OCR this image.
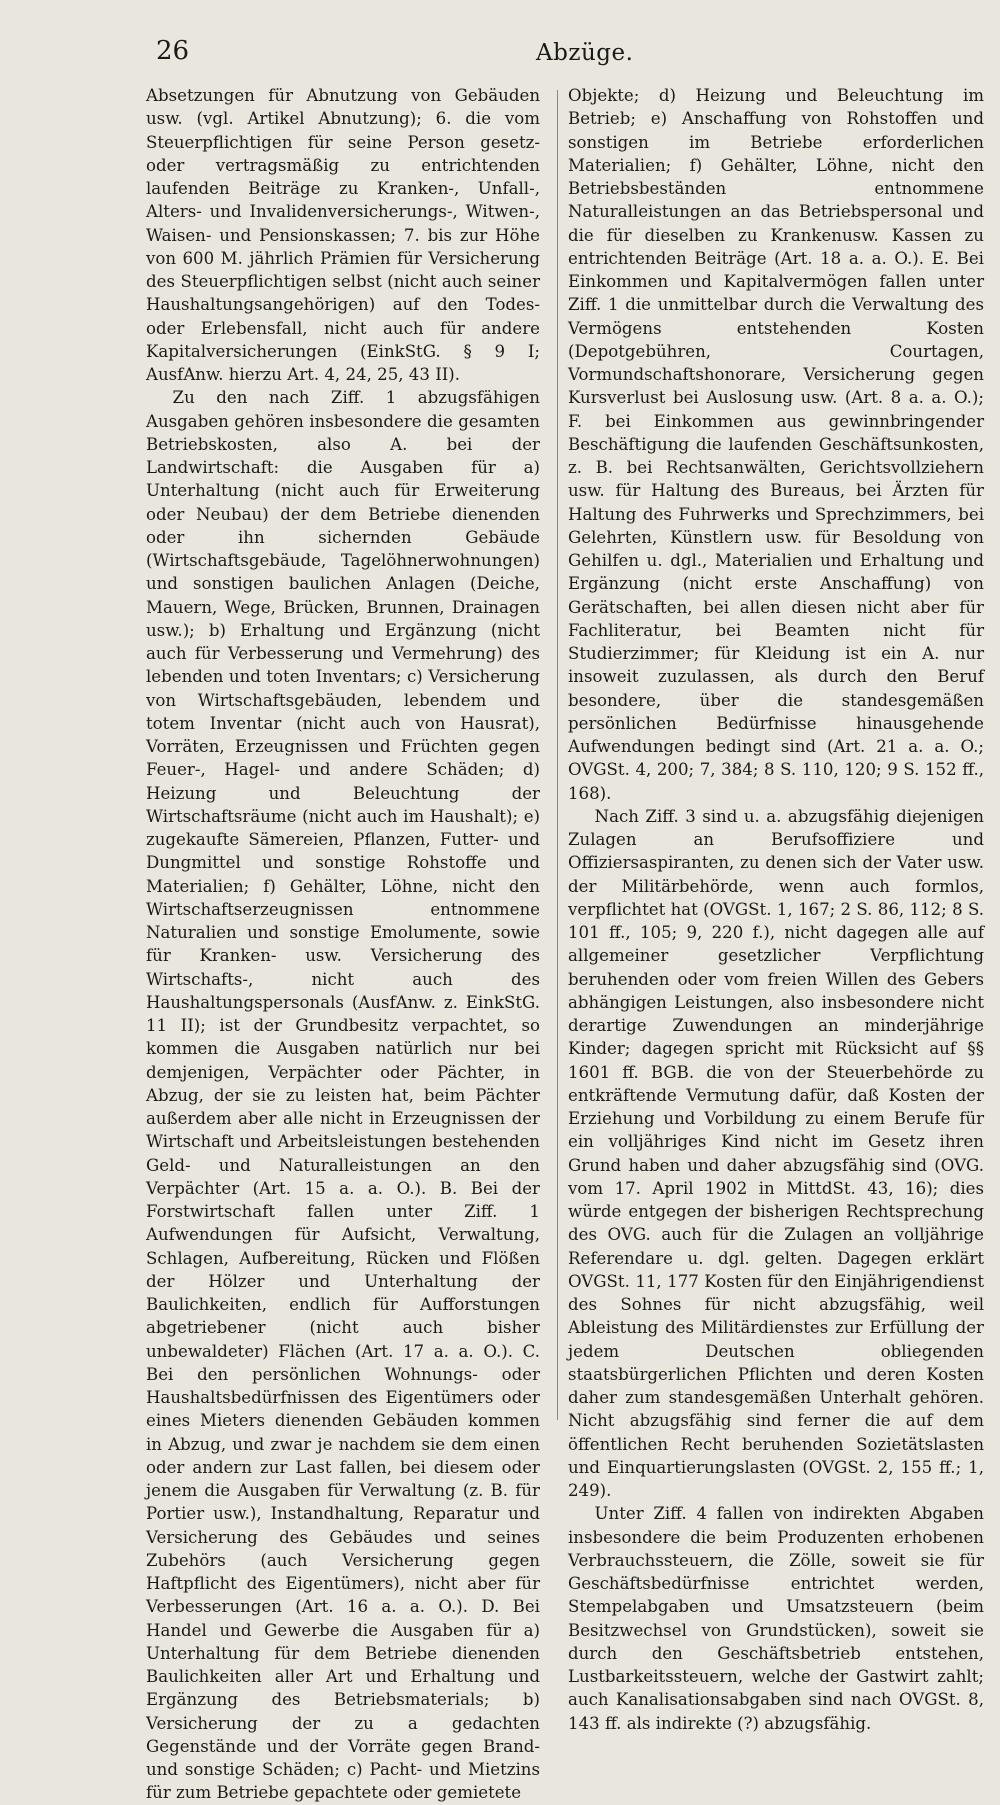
26	Abzüge.

Absetzungen für Abnutzung von Gebäuden usw. (vgl. Artikel Abnutzung); 6. die vom Steuerpflichtigen für seine Person gesetz- oder vertragsmäßig zu entrichtenden laufenden Beiträge zu Kranken-, Unfall-, Alters- und Invalidenversicherungs-, Witwen-, Waisen- und Pensionskassen; 7. bis zur Höhe von 600 M. jährlich Prämien für Versicherung des Steuerpflichtigen selbst (nicht auch seiner Haushaltungsangehörigen) auf den Todes- oder Erlebensfall, nicht auch für andere Kapitalversicherungen (EinkStG. § 9 I; AusfAnw. hierzu Art. 4, 24, 25, 43 II).

Zu den nach Ziff. 1 abzugsfähigen Ausgaben gehören insbesondere die gesamten Betriebskosten, also A. bei der Landwirtschaft: die Ausgaben für a) Unterhaltung (nicht auch für Erweiterung oder Neubau) der dem Betriebe dienenden oder ihn sichernden Gebäude (Wirtschaftsgebäude, Tagelöhnerwohnungen) und sonstigen baulichen Anlagen (Deiche, Mauern, Wege, Brücken, Brunnen, Drainagen usw.); b) Erhaltung und Ergänzung (nicht auch für Verbesserung und Vermehrung) des lebenden und toten Inventars; c) Versicherung von Wirtschaftsgebäuden, lebendem und totem Inventar (nicht auch von Hausrat), Vorräten, Erzeugnissen und Früchten gegen Feuer-, Hagel- und andere Schäden; d) Heizung und Beleuchtung der Wirtschaftsräume (nicht auch im Haushalt); e) zugekaufte Sämereien, Pflanzen, Futter- und Dungmittel und sonstige Rohstoffe und Materialien; f) Gehälter, Löhne, nicht den Wirtschaftserzeugnissen entnommene Naturalien und sonstige Emolumente, sowie für Kranken- usw. Versicherung des Wirtschafts-, nicht auch des Haushaltungspersonals (AusfAnw. z. EinkStG. 11 II); ist der Grundbesitz verpachtet, so kommen die Ausgaben natürlich nur bei demjenigen, Verpächter oder Pächter, in Abzug, der sie zu leisten hat, beim Pächter außerdem aber alle nicht in Erzeugnissen der Wirtschaft und Arbeitsleistungen bestehenden Geld- und Naturalleistungen an den Verpächter (Art. 15 a. a. O.). B. Bei der Forstwirtschaft fallen unter Ziff. 1 Aufwendungen für Aufsicht, Verwaltung, Schlagen, Aufbereitung, Rücken und Flößen der Hölzer und Unterhaltung der Baulichkeiten, endlich für Aufforstungen abgetriebener (nicht auch bisher unbewaldeter) Flächen (Art. 17 a. a. O.). C. Bei den persönlichen Wohnungs- oder Haushaltsbedürfnissen des Eigentümers oder eines Mieters dienenden Gebäuden kommen in Abzug, und zwar je nachdem sie dem einen oder andern zur Last fallen, bei diesem oder jenem die Ausgaben für Verwaltung (z. B. für Portier usw.), Instandhaltung, Reparatur und Versicherung des Gebäudes und seines Zubehörs (auch Versicherung gegen Haftpflicht des Eigentümers), nicht aber für Verbesserungen (Art. 16 a. a. O.). D. Bei Handel und Gewerbe die Ausgaben für a) Unterhaltung für dem Betriebe dienenden Baulichkeiten aller Art und Erhaltung und Ergänzung des Betriebsmaterials; b) Versicherung der zu a gedachten Gegenstände und der Vorräte gegen Brand- und sonstige Schäden; c) Pacht- und Mietzins für zum Betriebe gepachtete oder gemietete

Objekte; d) Heizung und Beleuchtung im Betrieb; e) Anschaffung von Rohstoffen und sonstigen im Betriebe erforderlichen Materialien; f) Gehälter, Löhne, nicht den Betriebsbeständen entnommene Naturalleistungen an das Betriebspersonal und die für dieselben zu Krankenusw. Kassen zu entrichtenden Beiträge (Art. 18 a. a. O.). E. Bei Einkommen und Kapitalvermögen fallen unter Ziff. 1 die unmittelbar durch die Verwaltung des Vermögens entstehenden Kosten (Depotgebühren, Courtagen, Vormundschaftshonorare, Versicherung gegen Kursverlust bei Auslosung usw. (Art. 8 a. a. O.); F. bei Einkommen aus gewinnbringender Beschäftigung die laufenden Geschäftsunkosten, z. B. bei Rechtsanwälten, Gerichtsvollziehern usw. für Haltung des Bureaus, bei Ärzten für Haltung des Fuhrwerks und Sprechzimmers, bei Gelehrten, Künstlern usw. für Besoldung von Gehilfen u. dgl., Materialien und Erhaltung und Ergänzung (nicht erste Anschaffung) von Gerätschaften, bei allen diesen nicht aber für Fachliteratur, bei Beamten nicht für Studierzimmer; für Kleidung ist ein A. nur insoweit zuzulassen, als durch den Beruf besondere, über die standesgemäßen persönlichen Bedürfnisse hinausgehende Aufwendungen bedingt sind (Art. 21 a. a. O.; OVGSt. 4, 200; 7, 384; 8 S. 110, 120; 9 S. 152 ff., 168).

Nach Ziff. 3 sind u. a. abzugsfähig diejenigen Zulagen an Berufsoffiziere und Offiziersaspiranten, zu denen sich der Vater usw. der Militärbehörde, wenn auch formlos, verpflichtet hat (OVGSt. 1, 167; 2 S. 86, 112; 8 S. 101 ff., 105; 9, 220 f.), nicht dagegen alle auf allgemeiner gesetzlicher Verpflichtung beruhenden oder vom freien Willen des Gebers abhängigen Leistungen, also insbesondere nicht derartige Zuwendungen an minderjährige Kinder; dagegen spricht mit Rücksicht auf §§ 1601 ff. BGB. die von der Steuerbehörde zu entkräftende Vermutung dafür, daß Kosten der Erziehung und Vorbildung zu einem Berufe für ein volljähriges Kind nicht im Gesetz ihren Grund haben und daher abzugsfähig sind (OVG. vom 17. April 1902 in MittdSt. 43, 16); dies würde entgegen der bisherigen Rechtsprechung des OVG. auch für die Zulagen an volljährige Referendare u. dgl. gelten. Dagegen erklärt OVGSt. 11, 177 Kosten für den Einjährigendienst des Sohnes für nicht abzugsfähig, weil Ableistung des Militärdienstes zur Erfüllung der jedem Deutschen obliegenden staatsbürgerlichen Pflichten und deren Kosten daher zum standesgemäßen Unterhalt gehören. Nicht abzugsfähig sind ferner die auf dem öffentlichen Recht beruhenden Sozietätslasten und Einquartierungslasten (OVGSt. 2, 155 ff.; 1, 249).

Unter Ziff. 4 fallen von indirekten Abgaben insbesondere die beim Produzenten erhobenen Verbrauchssteuern, die Zölle, soweit sie für Geschäftsbedürfnisse entrichtet werden, Stempelabgaben und Umsatzsteuern (beim Besitzwechsel von Grundstücken), soweit sie durch den Geschäftsbetrieb entstehen, Lustbarkeitssteuern, welche der Gastwirt zahlt; auch Kanalisationsabgaben sind nach OVGSt. 8, 143 ff. als indirekte (?) abzugsfähig.
